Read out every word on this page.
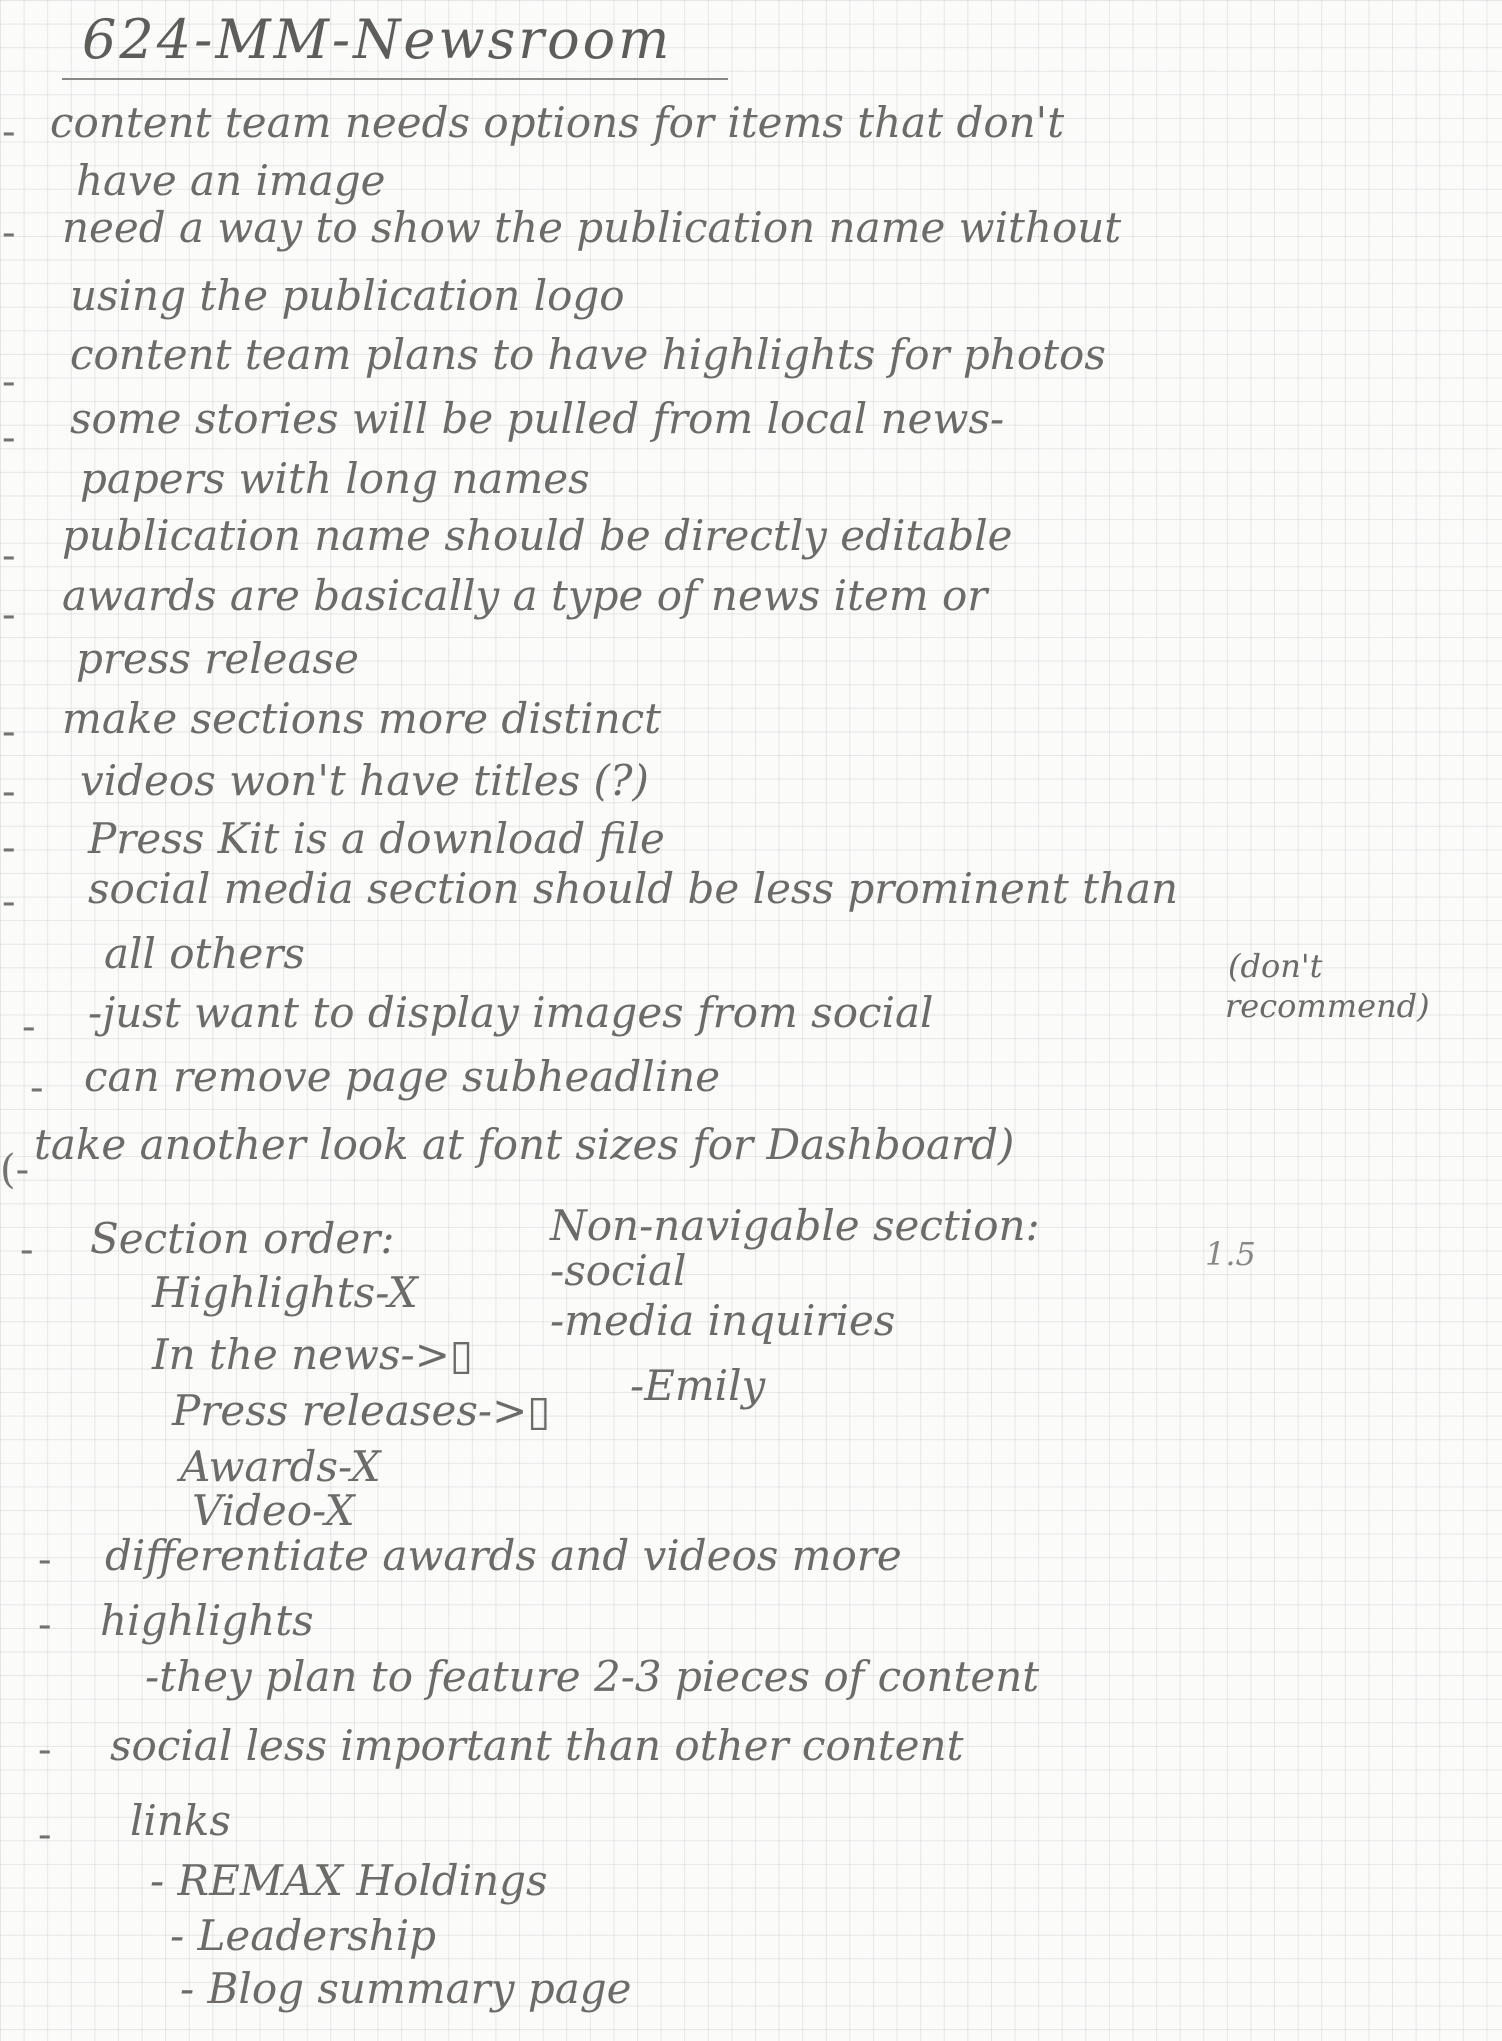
624-MM-Newsroom
-
-
-
-
-
-
-
-
-
-
-
-
(-
-
-
-
-
-
content team needs options for items that don't
have an image
need a way to show the publication name without
using the publication logo
content team plans to have highlights for photos
some stories will be pulled from local news-
papers with long names
publication name should be directly editable
awards are basically a type of news item or
press release
make sections more distinct
videos won't have titles (?)
Press Kit is a download file
social media section should be less prominent than
all others
-just want to display images from social
(don't
recommend)
can remove page subheadline
take another look at font sizes for Dashboard)
Section order:	Non-navigable section:
1.5
Highlights-X	-social
In the news->▯
-media inquiries
-Emily
Press releases->▯
Awards-X
Video-X
differentiate awards and videos more
highlights
-they plan to feature 2-3 pieces of content
social less important than other content
links
- REMAX Holdings
- Leadership
- Blog summary page
